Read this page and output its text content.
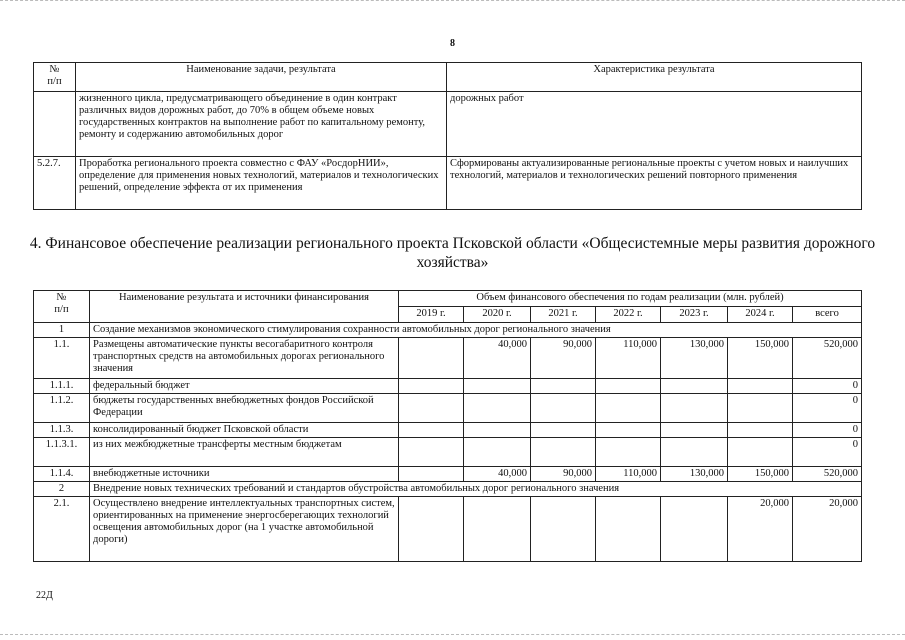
8
№
п/п	Наименование задачи, результата	Характеристика результата
	жизненного цикла, предусматривающего объединение в один контракт различных видов дорожных работ, до 70% в общем объеме новых государственных контрактов на выполнение работ по капитальному ремонту, ремонту и содержанию автомобильных дорог	дорожных работ
5.2.7.	Проработка регионального проекта совместно с ФАУ «РосдорНИИ», определение для применения новых технологий, материалов и технологических решений, определение эффекта от их применения	Сформированы актуализированные региональные проекты с учетом новых и наилучших технологий, материалов и технологических решений повторного применения
4. Финансовое обеспечение реализации регионального проекта Псковской области «Общесистемные меры развития дорожного хозяйства»
№
п/п	Наименование результата и источники финансирования	Объем финансового обеспечения по годам реализации (млн. рублей)						
		2019 г.	2020 г.	2021 г.	2022 г.	2023 г.	2024 г.	всего
1	Создание механизмов экономического стимулирования сохранности автомобильных дорог регионального значения							
1.1.	Размещены автоматические пункты весогабаритного контроля транспортных средств на автомобильных дорогах регионального значения		40,000	90,000	110,000	130,000	150,000	520,000
1.1.1.	федеральный бюджет							0
1.1.2.	бюджеты государственных внебюджетных фондов Российской Федерации							0
1.1.3.	консолидированный бюджет Псковской области							0
1.1.3.1.	из них межбюджетные трансферты местным бюджетам							0
1.1.4.	внебюджетные источники		40,000	90,000	110,000	130,000	150,000	520,000
2	Внедрение новых технических требований и стандартов обустройства автомобильных дорог регионального значения							
2.1.	Осуществлено внедрение интеллектуальных транспортных систем, ориентированных на применение энергосберегающих технологий освещения автомобильных дорог (на 1 участке автомобильной дороги)						20,000	20,000
22Д
